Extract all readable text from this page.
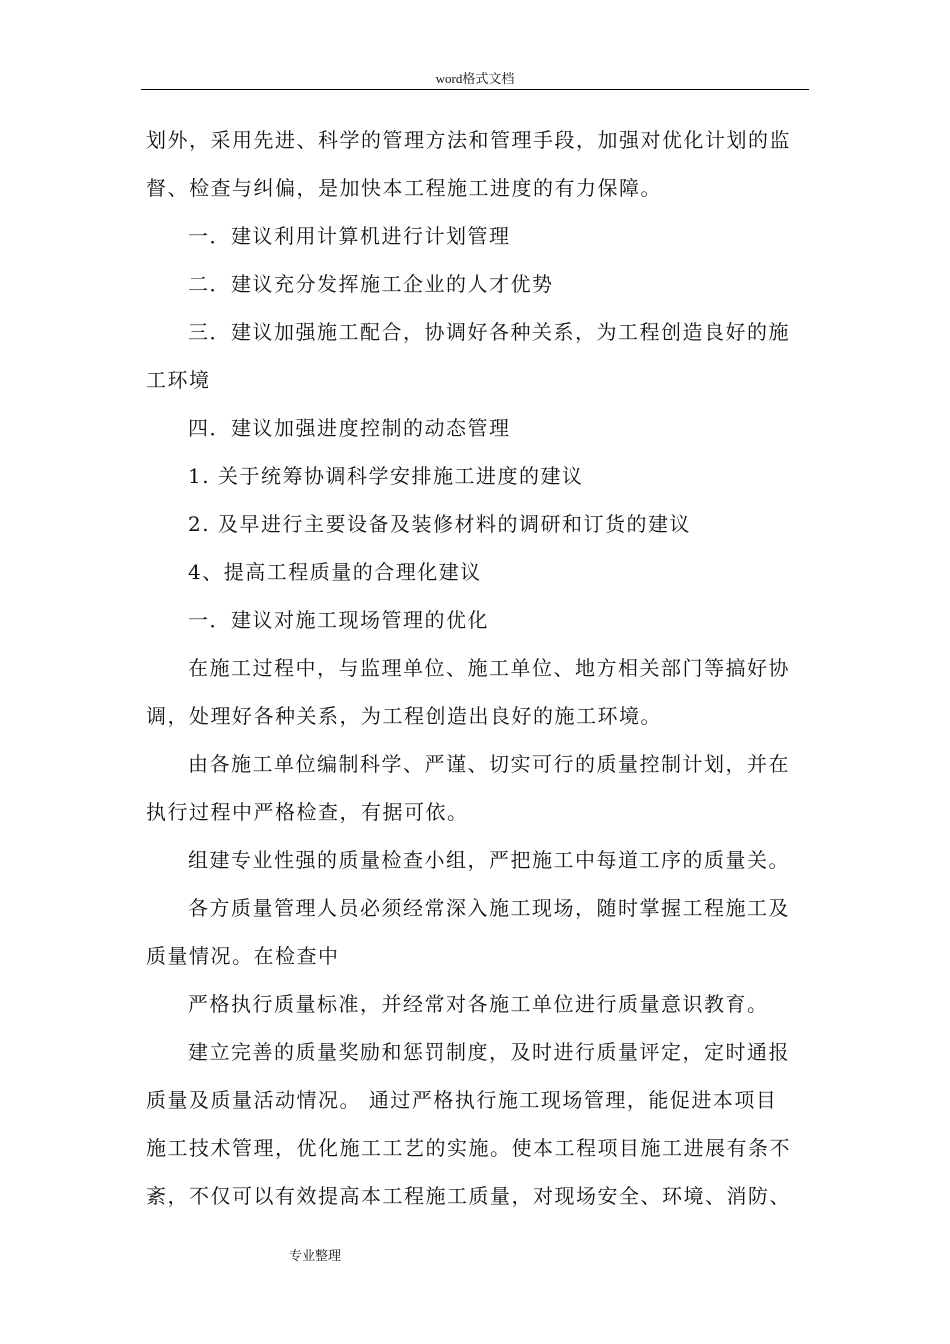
word格式文档
划外，采用先进、科学的管理方法和管理手段，加强对优化计划的监
督、检查与纠偏，是加快本工程施工进度的有力保障。
一．建议利用计算机进行计划管理
二．建议充分发挥施工企业的人才优势
三．建议加强施工配合，协调好各种关系，为工程创造良好的施
工环境
四．建议加强进度控制的动态管理
1. 关于统筹协调科学安排施工进度的建议
2. 及早进行主要设备及装修材料的调研和订货的建议
4、提高工程质量的合理化建议
一．建议对施工现场管理的优化
在施工过程中，与监理单位、施工单位、地方相关部门等搞好协
调，处理好各种关系，为工程创造出良好的施工环境。
由各施工单位编制科学、严谨、切实可行的质量控制计划，并在
执行过程中严格检查，有据可依。
组建专业性强的质量检查小组，严把施工中每道工序的质量关。
各方质量管理人员必须经常深入施工现场，随时掌握工程施工及
质量情况。在检查中
严格执行质量标准，并经常对各施工单位进行质量意识教育。
建立完善的质量奖励和惩罚制度，及时进行质量评定，定时通报
质量及质量活动情况。 通过严格执行施工现场管理，能促进本项目
施工技术管理，优化施工工艺的实施。使本工程项目施工进展有条不
紊，不仅可以有效提高本工程施工质量，对现场安全、环境、消防、
专业整理
